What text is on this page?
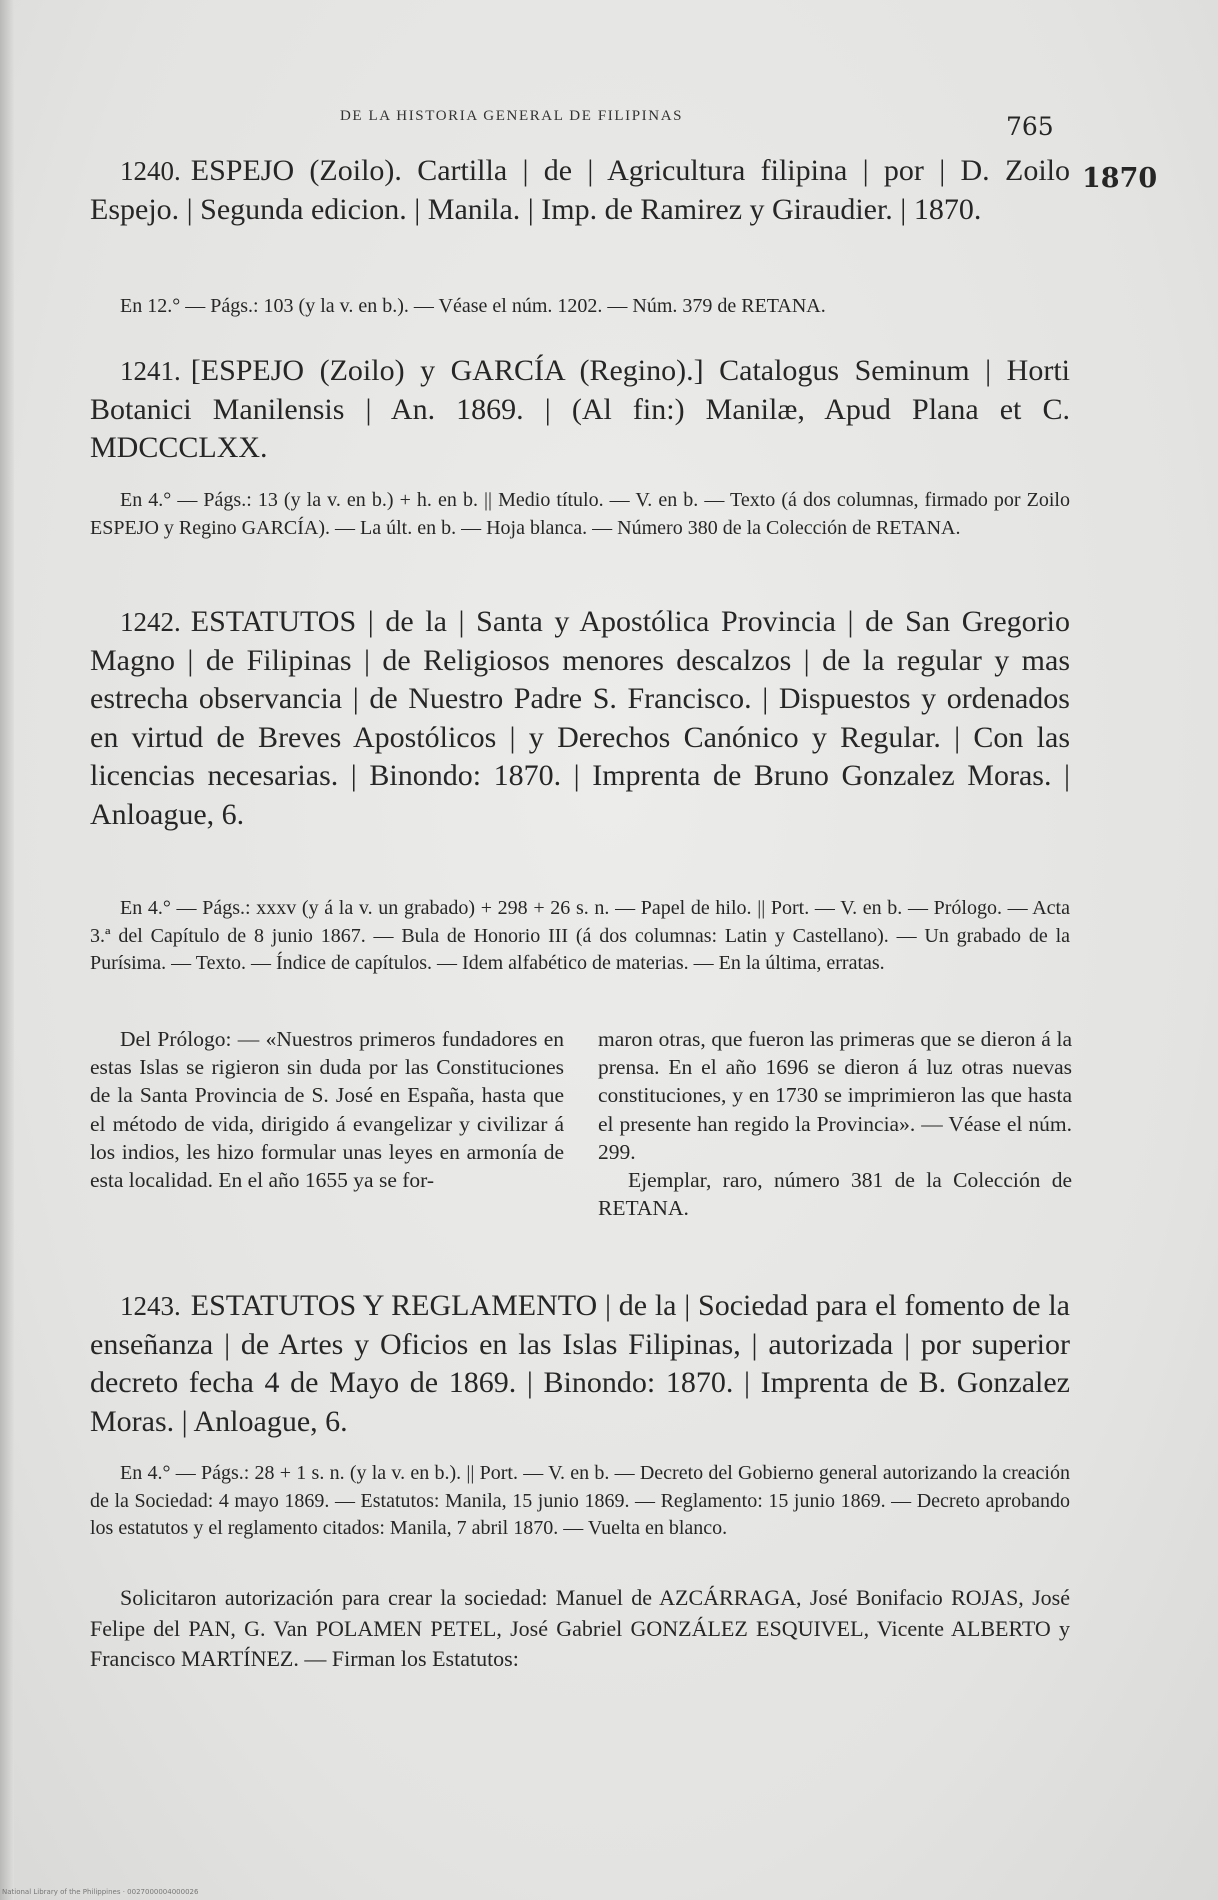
DE LA HISTORIA GENERAL DE FILIPINAS	765
1870
1240. ESPEJO (Zoilo). Cartilla | de | Agricultura filipina | por | D. Zoilo Espejo. | Segunda edicion. | Manila. | Imp. de Ramirez y Giraudier. | 1870.
En 12.° — Págs.: 103 (y la v. en b.). — Véase el núm. 1202. — Núm. 379 de RETANA.
1241. [ESPEJO (Zoilo) y GARCÍA (Regino).] Catalogus Seminum | Horti Botanici Manilensis | An. 1869. | (Al fin:) Manilæ, Apud Plana et C. MDCCCLXX.
En 4.° — Págs.: 13 (y la v. en b.) + h. en b. || Medio título. — V. en b. — Texto (á dos columnas, firmado por Zoilo ESPEJO y Regino GARCÍA). — La últ. en b. — Hoja blanca. — Número 380 de la Colección de RETANA.
1242. ESTATUTOS | de la | Santa y Apostólica Provincia | de San Gregorio Magno | de Filipinas | de Religiosos menores descalzos | de la regular y mas estrecha observancia | de Nuestro Padre S. Francisco. | Dispuestos y ordenados en virtud de Breves Apostólicos | y Derechos Canónico y Regular. | Con las licencias necesarias. | Binondo: 1870. | Imprenta de Bruno Gonzalez Moras. | Anloague, 6.
En 4.° — Págs.: xxxv (y á la v. un grabado) + 298 + 26 s. n. — Papel de hilo. || Port. — V. en b. — Prólogo. — Acta 3.ª del Capítulo de 8 junio 1867. — Bula de Honorio III (á dos columnas: Latin y Castellano). — Un grabado de la Purísima. — Texto. — Índice de capítulos. — Idem alfabético de materias. — En la última, erratas.

Del Prólogo: — «Nuestros primeros fundadores en estas Islas se rigieron sin duda por las Constituciones de la Santa Provincia de S. José en España, hasta que el método de vida, dirigido á evangelizar y civilizar á los indios, les hizo formular unas leyes en armonía de esta localidad. En el año 1655 ya se for-

maron otras, que fueron las primeras que se dieron á la prensa. En el año 1696 se dieron á luz otras nuevas constituciones, y en 1730 se imprimieron las que hasta el presente han regido la Provincia». — Véase el núm. 299.

Ejemplar, raro, número 381 de la Colección de RETANA.

1243. ESTATUTOS Y REGLAMENTO | de la | Sociedad para el fomento de la enseñanza | de Artes y Oficios en las Islas Filipinas, | autorizada | por superior decreto fecha 4 de Mayo de 1869. | Binondo: 1870. | Imprenta de B. Gonzalez Moras. | Anloague, 6.
En 4.° — Págs.: 28 + 1 s. n. (y la v. en b.). || Port. — V. en b. — Decreto del Gobierno general autorizando la creación de la Sociedad: 4 mayo 1869. — Estatutos: Manila, 15 junio 1869. — Reglamento: 15 junio 1869. — Decreto aprobando los estatutos y el reglamento citados: Manila, 7 abril 1870. — Vuelta en blanco.
Solicitaron autorización para crear la sociedad: Manuel de AZCÁRRAGA, José Bonifacio ROJAS, José Felipe del PAN, G. Van POLAMEN PETEL, José Gabriel GONZÁLEZ ESQUIVEL, Vicente ALBERTO y Francisco MARTÍNEZ. — Firman los Estatutos:
National Library of the Philippines · 0027000004000026
